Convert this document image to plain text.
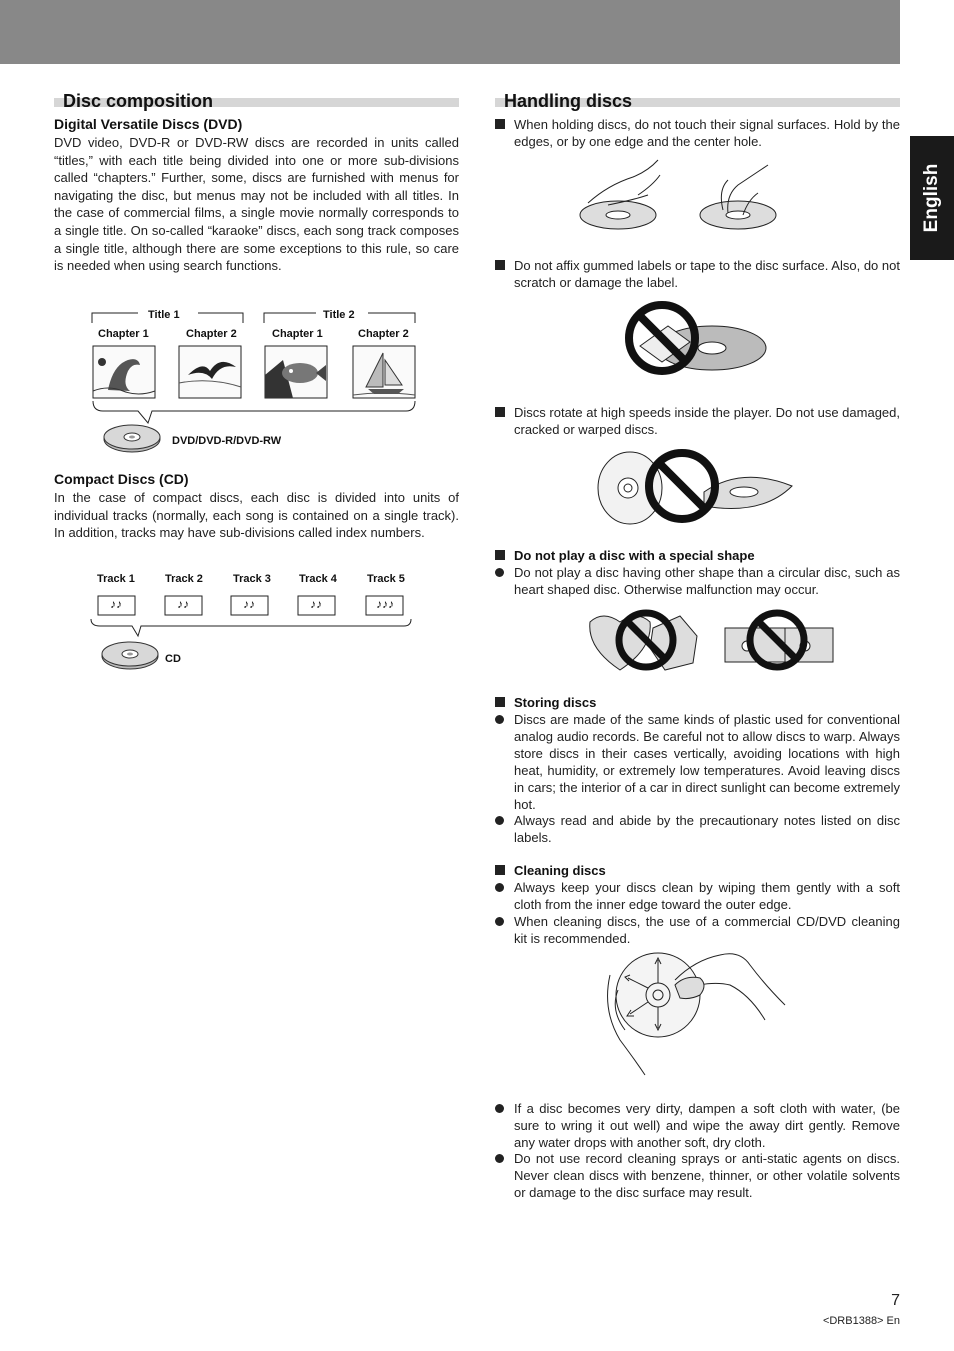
English
Disc composition
Digital Versatile Discs (DVD)

DVD video, DVD-R or DVD-RW discs are recorded in units called “titles,” with each title being divided into one or more sub-divisions called “chapters.” Further, some, discs are furnished with menus for navigating the disc, but menus may not be included with all titles. In the case of commercial films, a single movie normally corresponds to a single title. On so-called “karaoke” discs, each song track composes a single title, although there are some exceptions to this rule, so care is needed when using search functions.

Title 1	Title 2
Chapter 1	Chapter 2	Chapter 1	Chapter 2
DVD/DVD-R/DVD-RW
Compact Discs (CD)

In the case of compact discs, each disc is divided into units of individual tracks (normally, each song is contained on a single track). In addition, tracks may have sub-divisions called index numbers.

Track 1	Track 2	Track 3	Track 4	Track 5
♪♪	♪♪	♪♪	♪♪	♪♪♪
CD
Handling discs
When holding discs, do not touch their signal surfaces. Hold by the edges, or by one edge and the center hole.
Do not affix gummed labels or tape to the disc surface. Also, do not scratch or damage the label.
Discs rotate at high speeds inside the player. Do not use damaged, cracked or warped discs.
Do not play a disc with a special shape
Do not play a disc having other shape than a circular disc, such as heart shaped disc. Otherwise malfunction may occur.
Storing discs
Discs are made of the same kinds of plastic used for conventional analog audio records. Be careful not to allow discs to warp. Always store discs in their cases vertically, avoiding locations with high heat, humidity, or extremely low temperatures. Avoid leaving discs in cars; the interior of a car in direct sunlight can become extremely hot.
Always read and abide by the precautionary notes listed on disc labels.
Cleaning discs
Always keep your discs clean by wiping them gently with a soft cloth from the inner edge toward the outer edge.
When cleaning discs, the use of a commercial CD/DVD cleaning kit is recommended.
If a disc becomes very dirty, dampen a soft cloth with water, (be sure to wring it out well) and wipe the away dirt gently. Remove any water drops with another soft, dry cloth.
Do not use record cleaning sprays or anti-static agents on discs. Never clean discs with benzene, thinner, or other volatile solvents or damage to the disc surface may result.
7
<DRB1388> En
